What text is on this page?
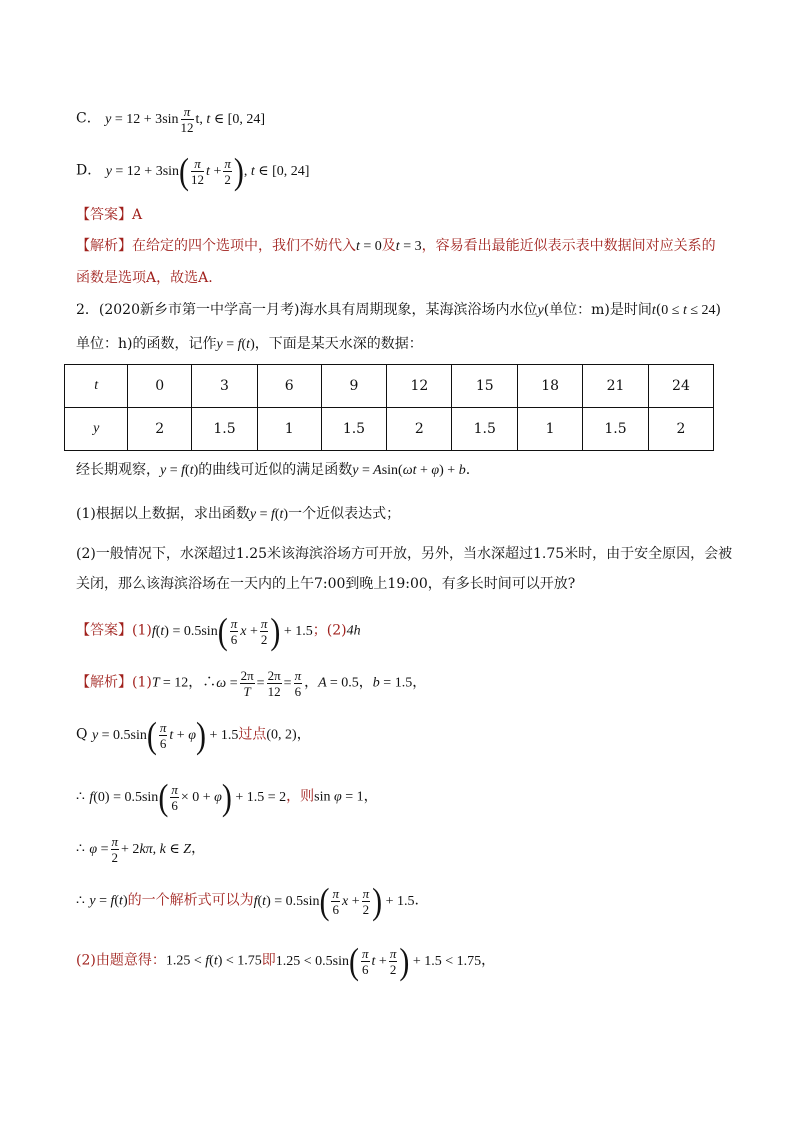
C． $y = 12 + 3\sin \frac{\pi}{12} t$, t ∈ [0, 24]
D． $y = 12 + 3\sin( \frac{\pi}{12}$ $t + \frac{\pi}{2}$ ), t ∈ [0, 24]
【答案】A
【解析】在给定的四个选项中，我们不妨代入t = 0及t = 3，容易看出最能近似表示表中数据间对应关系的
函数是选项A，故选A.
2．(2020新乡市第一中学高一月考)海水具有周期现象，某海滨浴场内水位y(单位：m)是时间t(0 ≤ t ≤ 24)
单位：h)的函数，记作y = f(t)，下面是某天水深的数据：
t	0	3	6	9	12	15	18	21	24
y	2	1.5	1	1.5	2	1.5	1	1.5	2
经长期观察，y = f(t)的曲线可近似的满足函数y = Asin(ωt + φ) + b.
(1)根据以上数据，求出函数y = f(t)一个近似表达式；
(2)一般情况下，水深超过1.25米该海滨浴场方可开放，另外，当水深超过1.75米时，由于安全原因，会被
关闭，那么该海滨浴场在一天内的上午7:00到晚上19:00，有多长时间可以开放?
【答案】$(1)f(t) = 0.5\sin( \frac{\pi}{6}$ $x + \frac{\pi}{2}$ ) + 1.5；(2)4h
【解析】(1)T = 12，∴ω = $\frac{2\pi}{T} = \frac{2\pi}{12} = \frac{\pi}{6}$ ，A = 0.5，b = 1.5，
Q $y = 0.5\sin( \frac{\pi}{6}$ t + φ) + 1.5过点(0, 2)，
∴ $f(0) = 0.5\sin( \frac{\pi}{6} \times 0 + \varphi) + 1.5 = 2$，则sin φ = 1，
∴ $\varphi = \frac{\pi}{2} + 2k\pi$, k ∈ Z，
∴ y = f(t)的一个解析式可以为$f(t) = 0.5\sin( \frac{\pi}{6}$ $x + \frac{\pi}{2}$ ) + 1.5.
(2)由题意得：1.25 < f(t) < 1.75即$1.25 < 0.5\sin( \frac{\pi}{6}$ $t + \frac{\pi}{2}$ ) + 1.5 < 1.75，
